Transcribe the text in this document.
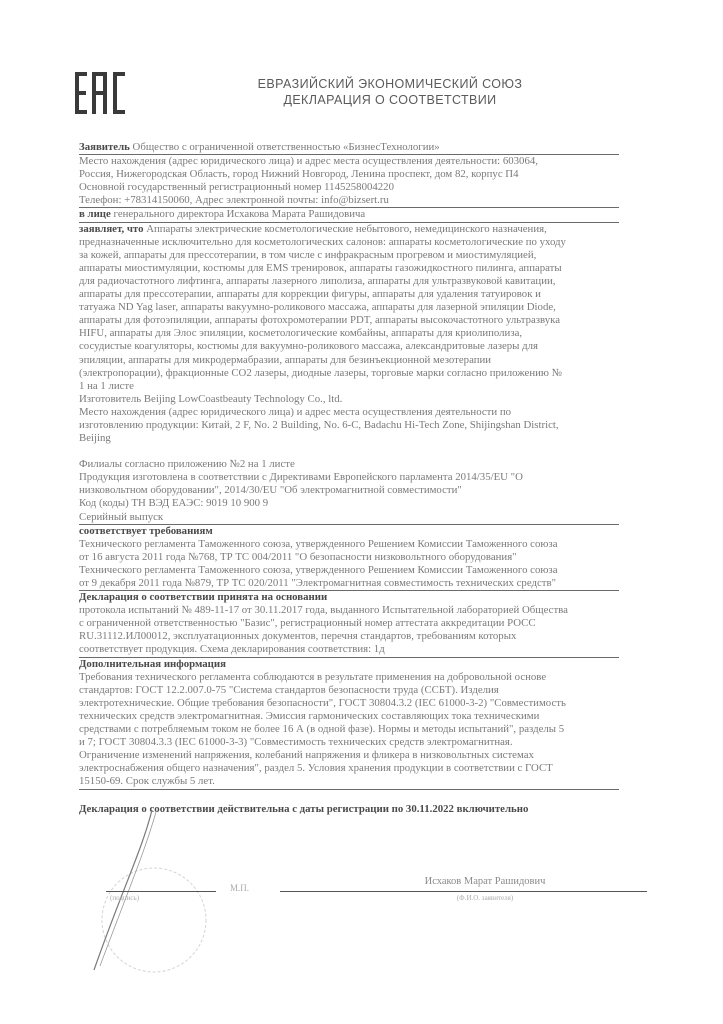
ЕВРАЗИЙСКИЙ ЭКОНОМИЧЕСКИЙ СОЮЗ
ДЕКЛАРАЦИЯ О СООТВЕТСТВИИ
Заявитель Общество с ограниченной ответственностью «БизнесТехнологии»
Место нахождения (адрес юридического лица) и адрес места осуществления деятельности: 603064,
Россия, Нижегородская Область, город Нижний Новгород, Ленина проспект, дом 82, корпус П4
Основной государственный регистрационный номер 1145258004220
Телефон: +78314150060, Адрес электронной почты: info@bizsert.ru
в лице генерального директора Исхакова Марата Рашидовича
заявляет, что Аппараты электрические косметологические небытового, немедицинского назначения,
предназначенные исключительно для косметологических салонов: аппараты косметологические по уходу
за кожей, аппараты для прессотерапии, в том числе с инфракрасным прогревом и миостимуляцией,
аппараты миостимуляции, костюмы для EMS тренировок, аппараты газожидкостного пилинга, аппараты
для радиочастотного лифтинга, аппараты лазерного липолиза, аппараты для ультразвуковой кавитации,
аппараты для прессотерапии, аппараты для коррекции фигуры, аппараты для удаления татуировок и
татуажа ND Yag laser, аппараты вакуумно-роликового массажа, аппараты для лазерной эпиляции Diode,
аппараты для фотоэпиляции, аппараты фотохромотерапии PDT, аппараты высокочастотного ультразвука
HIFU, аппараты для Элос эпиляции, косметологические комбайны, аппараты для криолиполиза,
сосудистые коагуляторы, костюмы для вакуумно-роликового массажа, александритовые лазеры для
эпиляции, аппараты для микродермабразии, аппараты для безинъекционной мезотерапии
(электропорации), фракционные CO2 лазеры, диодные лазеры, торговые марки согласно приложению №
1 на 1 листе
Изготовитель Beijing LowCoastbeauty Technology Co., ltd.
Место нахождения (адрес юридического лица) и адрес места осуществления деятельности по
изготовлению продукции: Китай, 2 F, No. 2 Building, No. 6-C, Badachu Hi-Tech Zone, Shijingshan District,
Beijing
Филиалы согласно приложению №2 на 1 листе
Продукция изготовлена в соответствии с Директивами Европейского парламента 2014/35/EU "О
низковольтном оборудовании", 2014/30/EU "Об электромагнитной совместимости"
Код (коды) ТН ВЭД ЕАЭС: 9019 10 900 9
Серийный выпуск
соответствует требованиям
Технического регламента Таможенного союза, утвержденного Решением Комиссии Таможенного союза
от 16 августа 2011 года №768, ТР ТС 004/2011 "О безопасности низковольтного оборудования"
Технического регламента Таможенного союза, утвержденного Решением Комиссии Таможенного союза
от 9 декабря 2011 года №879, ТР ТС 020/2011 "Электромагнитная совместимость технических средств"
Декларация о соответствии принята на основании
протокола испытаний № 489-11-17 от 30.11.2017 года, выданного Испытательной лабораторией Общества
с ограниченной ответственностью "Базис", регистрационный номер аттестата аккредитации РОСС
RU.31112.ИЛ00012, эксплуатационных документов, перечня стандартов, требованиям которых
соответствует продукция. Схема декларирования соответствия: 1д
Дополнительная информация
Требования технического регламента соблюдаются в результате применения на добровольной основе
стандартов: ГОСТ 12.2.007.0-75 "Система стандартов безопасности труда (ССБТ). Изделия
электротехнические. Общие требования безопасности", ГОСТ 30804.3.2 (IEC 61000-3-2) "Совместимость
технических средств электромагнитная. Эмиссия гармонических составляющих тока техническими
средствами с потребляемым током не более 16 А (в одной фазе). Нормы и методы испытаний", разделы 5
и 7; ГОСТ 30804.3.3 (IEC 61000-3-3) "Совместимость технических средств электромагнитная.
Ограничение изменений напряжения, колебаний напряжения и фликера в низковольтных системах
электроснабжения общего назначения", раздел 5. Условия хранения продукции в соответствии с ГОСТ
15150-69. Срок службы 5 лет.
Декларация о соответствии действительна с даты регистрации по 30.11.2022 включительно
(подпись)
М.П.
Исхаков Марат Рашидович
(Ф.И.О. заявителя)
